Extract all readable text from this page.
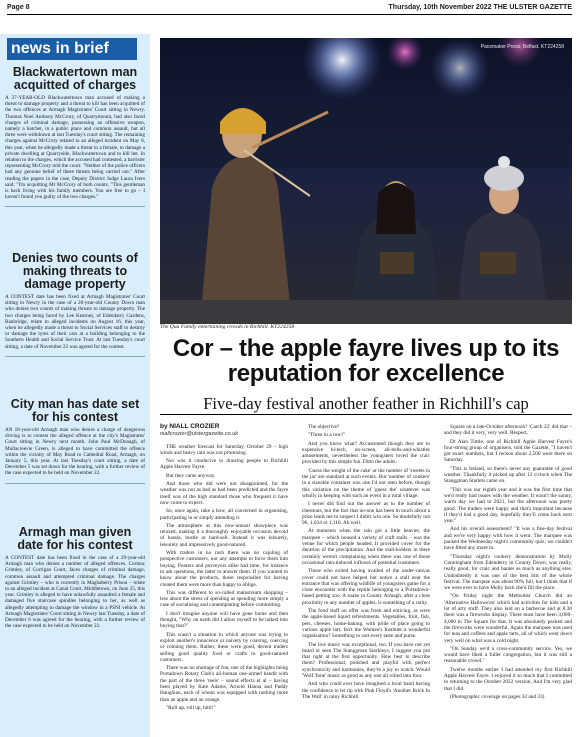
Page 8	Thursday, 10th November 2022 THE ULSTER GAZETTE
news in brief
Blackwatertown man acquitted of charges

A 37-YEAR-OLD Blackwatertown man accused of making a threat to damage property and a threat to kill has been acquitted of the two offences at Armagh Magistrates' Court sitting in Newry. Thomas Noel Anthony McCrory, of Quarrymount, had also faced charges of criminal damage, possessing an offensive weapon, namely a hatchet, in a public place and common assault, but all three were withdrawn at last Tuesday's court sitting. The remaining charges against McCrory related to an alleged incident on May 8, this year, when he allegedly made a threat to a female, to damage a private dwelling at Quarryside, Blackwatertown and to kill her. In relation to the charges, which the accused had contested, a barrister representing McCrory told the court: "Neither of the police officers had any genuine belief of these threats being carried out." After reading the papers in the case, Deputy District Judge Laura Ivers said: "I'm acquitting Mr McCrory of both counts. "This gentleman is back living with his family members. You are free to go – I haven't found you guilty of the two charges."

Denies two counts of making threats to damage property

A CONTEST date has been fixed at Armagh Magistrates' Court sitting in Newry in the case of a 20-year-old County Down man who denies two counts of making threats to damage property. The two charges being faced by Lee Kearney, of Edendarry Gardens, Banbridge, relate to alleged incidents on August 16, this year, when he allegedly made a threat to Social Services staff to destroy or damage the tyres of their cars at a building belonging to the Southern Health and Social Service Trust. At last Tuesday's court sitting, a date of November 22 was agreed for the contest.

City man has date set for his contest

AN 18-year-old Armagh man who denies a charge of dangerous driving is to contest the alleged offence at the city's Magistrates' Court sitting in Newry next month. John Paul McDonagh, of Mullacreevie Green, is alleged to have committed the offence within the vicinity of May Road to Cathedral Road, Armagh, on January 5, this year. At last Tuesday's court sitting, a date of December 5 was set down for the hearing, with a further review of the case expected to be held on November 22.

Armagh man given date for his contest

A CONTEST date has been fixed in the case of a 29-year-old Armagh man who denies a number of alleged offences. Cormac Grimley, of Corrigan Court, faces charges of criminal damage, common assault and attempted criminal damage. The charges against Grimley – who is currently in Maghaberry Prison – relate to an alleged incident at Canal Court, Middletown, on June 25, this year. Grimley is alleged to have unlawfully assaulted a female and damaged five staircase spindles belonging to her, as well as allegedly attempting to damage the window in a PSNI vehicle. At Armagh Magistrates' Court sitting in Newry last Tuesday, a date of December 6 was agreed for the hearing, with a further review of the case expected to be held on November 22.

Pacemaker Press, Belfast. KT224258
The Qua Family entertaining crowds in Richhill. KT224258
Cor – the apple fayre lives up to its reputation for excellence
Five-day festival another feather in Richhill's cap
by NIALL CROZIER
niallcrozier@ulstergazette.co.uk

THE weather forecast for Saturday, October 29 – high winds and heavy rain was not promising.

Nor was it conducive to drawing people to Richhill Apple Harvest Fayre.

But they came anyway.

And those who did were not disappointed, for the weather was not as bad as had been predicted and the fayre itself was of the high standard those who frequent it have now come to expect.

So, once again, take a bow, all concerned in organising, participating in or simply attending it.

The atmosphere at this now-annual showpiece was relaxed, making it a thoroughly enjoyable occasion devoid of hassle, bustle or hard-sell. Instead it was leisurely, leisurely and impressively good-natured.

With traders in no rush there was no cajoling of prospective customers, nor any attempts to force them into buying. Punters and purveyors alike had time, for instance to ask questions, the latter to answer them. If you wanted to know about the products, those responsible for having created them were more than happy to oblige.

This was different to so-called mainstream shopping – less about the stress of spending as spending more simply a case of socialising and contemplating before committing.

I don't imagine anyone will have gone home and then thought, "Why on earth did I allow myself to be talked into buying that?"

This wasn't a situation in which anyone was trying to exploit another's innocence or naivety by coaxing, coercing or conning them. Rather, these were good, decent traders selling good quality food or crafts to good-natured customers.

There was no shortage of fun, one of the highlights being Portadown Rotary Club's all-human one-armed bandit with the part of the three 'reels' – sound effects et al – having been played by Kate Adams, Arnold Hanna and Paddy Haughian, each of whom was equipped with nothing more than an apple and an orange.

"Roll up, roll up, hitit!"

The objective?

"Three in a row!"

And you know what? Accustomed though they are to expensive hi-tech, on-screen, all-bells-and-whistles amusements, nevertheless the youngsters loved the craic provided by this simple fun. Ditto the adults.

'Guess the weight of the cake' or the number of 'sweets in the jar' are standard at such events. But 'number of conkers' in a sizeable container was one I'd not seen before, though this variation on the theme of 'guess the' whatever was wholly in keeping with such an event in a rural village.

I never did find out the answer as to the number of chestnuts, but the fact that no-one has been in touch about a prize leads me to suspect I didn't win one. So doubtfully not 96, 1,034 or 1,110. Ah well.

At moments when the rain got a little heavier, the marquee – which housed a variety of craft stalls – was the venue for which people headed. It provided cover for the duration of the precipitation. And the stall-holders in there certainly weren't complaining when there was one of those occasional rain-induced influxes of potential customers.

Those who exited having availed of the under-canvas cover could not have helped but notice a stall near the entrance that was offering wildlife of youngsters game for a close encounter with the reptile belonging to a Portadown-based petting zoo. A snake in County Armagh, after a close proximity to any number of apples, is something of a rarity.

The food stuff on offer was fresh and enticing, as were the apple-based liquid refreshments. Vegetables, fruit, fish, pets, cheeses, home-baking, with pride of place going to various apple tart. Isn't the Women's Institute a wonderful organisation? Something to suit every taste and purse.

The live music was exceptional, too. If you have not yet heard or seen The Stanggman Starkleys, I suggest you put that right at the first opportunity. How best to describe them? Professional, polished and playful with perfect synchronicity and harmonies, they're a joy to watch. Would 'Wolf Tone' music as good as any one all rolled into four.

And who could ever have imagined a local band having the confidence to let rip with Pink Floyd's 'Another Brick In The Wall' in rainy Richhill

Square on a late-October afternoon? 'Catch 22' did that – and they did it very, very well. Respect.

Dr Alan Tuttle, one of Richhill Apple Harvest Fayre's four-strong group of organisers, told the Gazette, "I haven't got exact numbers, but I reckon about 2,500 were there on Saturday.

"This is Ireland, so there's never any guarantee of good weather. Thankfully it picked up after 12 o'clock when The Stanggman Starlets came on.

"This was our eighth year and it was the first time that we'd really had issues with the weather. It wasn't the sunny, warm day we had in 2021, but the afternoon was pretty good. The traders were happy and that's important because if they'd had a good day, hopefully they'll come back next year."

And his overall assessment? "It was a fine-day festival and we're very happy with how it went. The marquee was packed the Wednesday night's community quiz; we couldn't have fitted any more in.

"Thursday night's cookery demonstration by Molly Cunningham from Edenderry in County Down, was really, really good, for craic and banter as much as anything else. Undoubtedly it was one of the best bits of the whole festival. The marquee was about 90% full, but I think that if we were ever to have Molly back she'd fill the place.

"On Friday night the Methodist Church did an 'Alternative Hallowe'en' which had activities for kids and a lot of arty stuff. They also laid on a barbecue and at 8.30 there was a fireworks display. There must have been 3,000-4,000 in The Square for that. It was absolutely packed and the fireworks were wonderful. Again the marquee was used for teas and coffees and apple tarts, all of which went down very well on what was a cold night.

"On Sunday we'd a cross-community service. Yes, we would have liked a fuller congregation, but it was still a reasonable crowd."

Twelve months earlier I had attended my first Richhill Apple Harvest Fayre. I enjoyed it so much that I committed to returning to the October 2022 version. And I'm very glad that I did.

(Photographic coverage on pages 32 and 33)
